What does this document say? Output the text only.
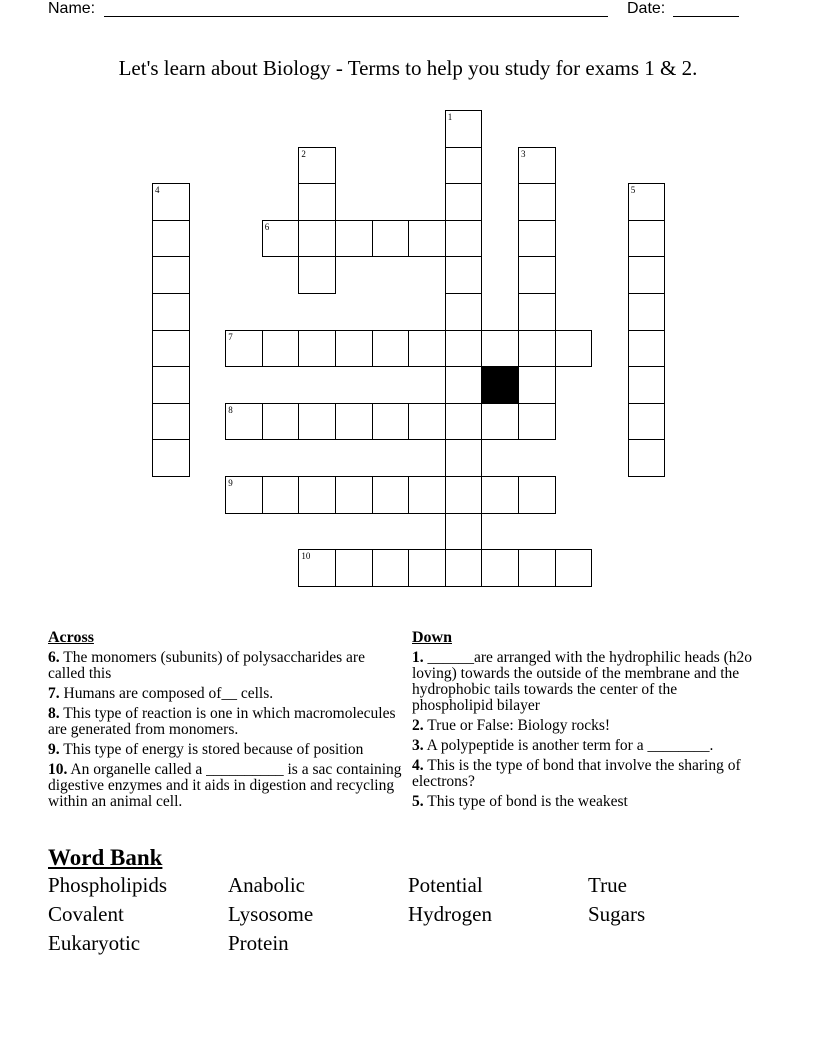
Name:	Date:
Let's learn about Biology - Terms to help you study for exams 1 & 2.
1
2	3
4	5
6
7
8
9
10
Across
6. The monomers (subunits) of polysaccharides are called this
7. Humans are composed of__ cells.
8. This type of reaction is one in which macromolecules are generated from monomers.
9. This type of energy is stored because of position
10. An organelle called a __________ is a sac containing digestive enzymes and it aids in digestion and recycling within an animal cell.
Down
1. ______are arranged with the hydrophilic heads (h2o loving) towards the outside of the membrane and the hydrophobic tails towards the center of the phospholipid bilayer
2. True or False: Biology rocks!
3. A polypeptide is another term for a ________.
4. This is the type of bond that involve the sharing of electrons?
5. This type of bond is the weakest
Word Bank
Phospholipids	Anabolic	Potential	True
Covalent	Lysosome	Hydrogen	Sugars
Eukaryotic	Protein
